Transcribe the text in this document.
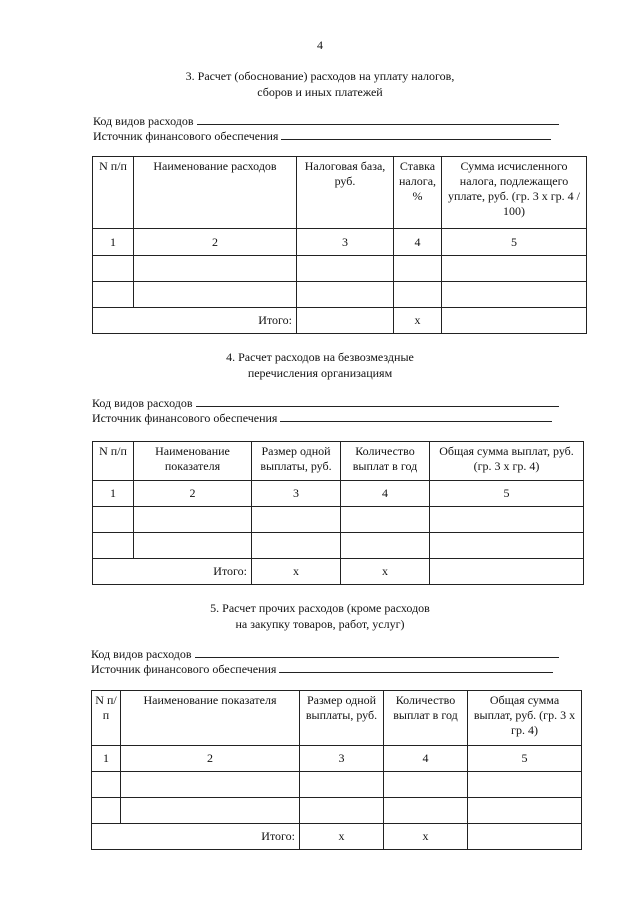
4

3. Расчет (обоснование) расходов на уплату налогов,

сборов и иных платежей

Код видов расходов
Источник финансового обеспечения
N п/п	Наименование расходов	Налоговая база, руб.	Ставка налога, %	Сумма исчисленного налога, подлежащего уплате, руб. (гр. 3 x гр. 4 / 100)
1	2	3	4	5

Итого:			x	

4. Расчет расходов на безвозмездные

перечисления организациям

Код видов расходов
Источник финансового обеспечения
N п/п	Наименование показателя	Размер одной выплаты, руб.	Количество выплат в год	Общая сумма выплат, руб. (гр. 3 x гр. 4)
1	2	3	4	5

Итого:		x	x	

5. Расчет прочих расходов (кроме расходов

на закупку товаров, работ, услуг)

Код видов расходов
Источник финансового обеспечения
N п/п	Наименование показателя	Размер одной выплаты, руб.	Количество выплат в год	Общая сумма выплат, руб. (гр. 3 x гр. 4)
1	2	3	4	5

Итого:		x	x	
